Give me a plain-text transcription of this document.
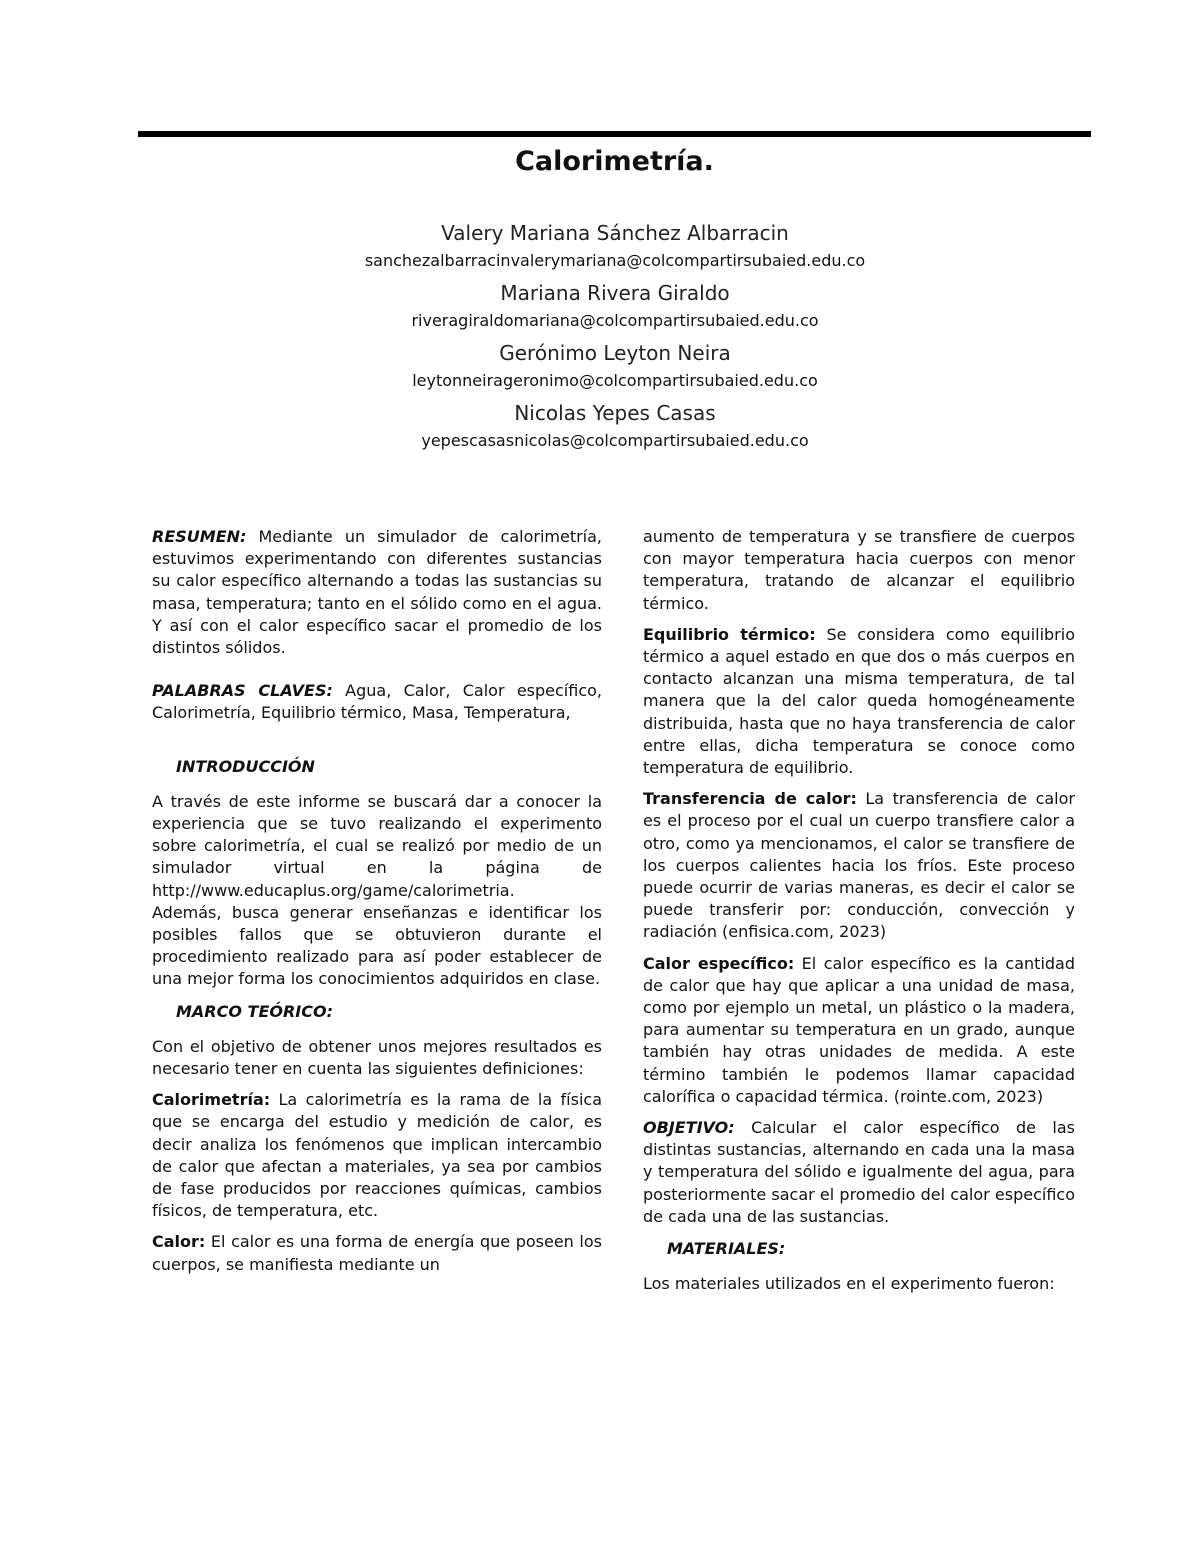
Calorimetría.
Valery Mariana Sánchez Albarracin
sanchezalbarracinvalerymariana@colcompartirsubaied.edu.co
Mariana Rivera Giraldo
riveragiraldomariana@colcompartirsubaied.edu.co
Gerónimo Leyton Neira
leytonneirageronimo@colcompartirsubaied.edu.co
Nicolas Yepes Casas
yepescasasnicolas@colcompartirsubaied.edu.co

RESUMEN: Mediante un simulador de calorimetría, estuvimos experimentando con diferentes sustancias su calor específico alternando a todas las sustancias su masa, temperatura; tanto en el sólido como en el agua. Y así con el calor específico sacar el promedio de los distintos sólidos.

PALABRAS CLAVES: Agua, Calor, Calor específico, Calorimetría, Equilibrio térmico, Masa, Temperatura,

INTRODUCCIÓN

A través de este informe se buscará dar a conocer la experiencia que se tuvo realizando el experimento sobre calorimetría, el cual se realizó por medio de un simulador virtual en la página de http://www.educaplus.org/game/calorimetria.

Además, busca generar enseñanzas e identificar los posibles fallos que se obtuvieron durante el procedimiento realizado para así poder establecer de una mejor forma los conocimientos adquiridos en clase.

MARCO TEÓRICO:

Con el objetivo de obtener unos mejores resultados es necesario tener en cuenta las siguientes definiciones:

Calorimetría: La calorimetría es la rama de la física que se encarga del estudio y medición de calor, es decir analiza los fenómenos que implican intercambio de calor que afectan a materiales, ya sea por cambios de fase producidos por reacciones químicas, cambios físicos, de temperatura, etc.

Calor: El calor es una forma de energía que poseen los cuerpos, se manifiesta mediante un

aumento de temperatura y se transfiere de cuerpos con mayor temperatura hacia cuerpos con menor temperatura, tratando de alcanzar el equilibrio térmico.

Equilibrio térmico: Se considera como equilibrio térmico a aquel estado en que dos o más cuerpos en contacto alcanzan una misma temperatura, de tal manera que la del calor queda homogéneamente distribuida, hasta que no haya transferencia de calor entre ellas, dicha temperatura se conoce como temperatura de equilibrio.

Transferencia de calor: La transferencia de calor es el proceso por el cual un cuerpo transfiere calor a otro, como ya mencionamos, el calor se transfiere de los cuerpos calientes hacia los fríos. Este proceso puede ocurrir de varias maneras, es decir el calor se puede transferir por: conducción, convección y radiación (enfisica.com, 2023)

Calor específico: El calor específico es la cantidad de calor que hay que aplicar a una unidad de masa, como por ejemplo un metal, un plástico o la madera, para aumentar su temperatura en un grado, aunque también hay otras unidades de medida. A este término también le podemos llamar capacidad calorífica o capacidad térmica. (rointe.com, 2023)

OBJETIVO: Calcular el calor específico de las distintas sustancias, alternando en cada una la masa y temperatura del sólido e igualmente del agua, para posteriormente sacar el promedio del calor específico de cada una de las sustancias.

MATERIALES:

Los materiales utilizados en el experimento fueron:
